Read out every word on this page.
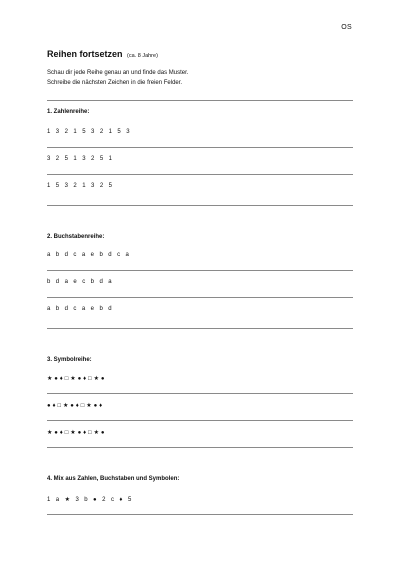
OS
Reihen fortsetzen (ca. 8 Jahre)
Schau dir jede Reihe genau an und finde das Muster.
Schreibe die nächsten Zeichen in die freien Felder.
1. Zahlenreihe:
1 3 2 1 5 3 2 1 5 3
3 2 5 1 3 2 5 1
1 5 3 2 1 3 2 5
2. Buchstabenreihe:
a b d c a e b d c a
b d a e c b d a
a b d c a e b d
3. Symbolreihe:
★●♦□★●♦□★●
●♦□★●♦□★●♦
★●♦□★●♦□★●
4. Mix aus Zahlen, Buchstaben und Symbolen:
1 a ★ 3 b ● 2 c ♦ 5
